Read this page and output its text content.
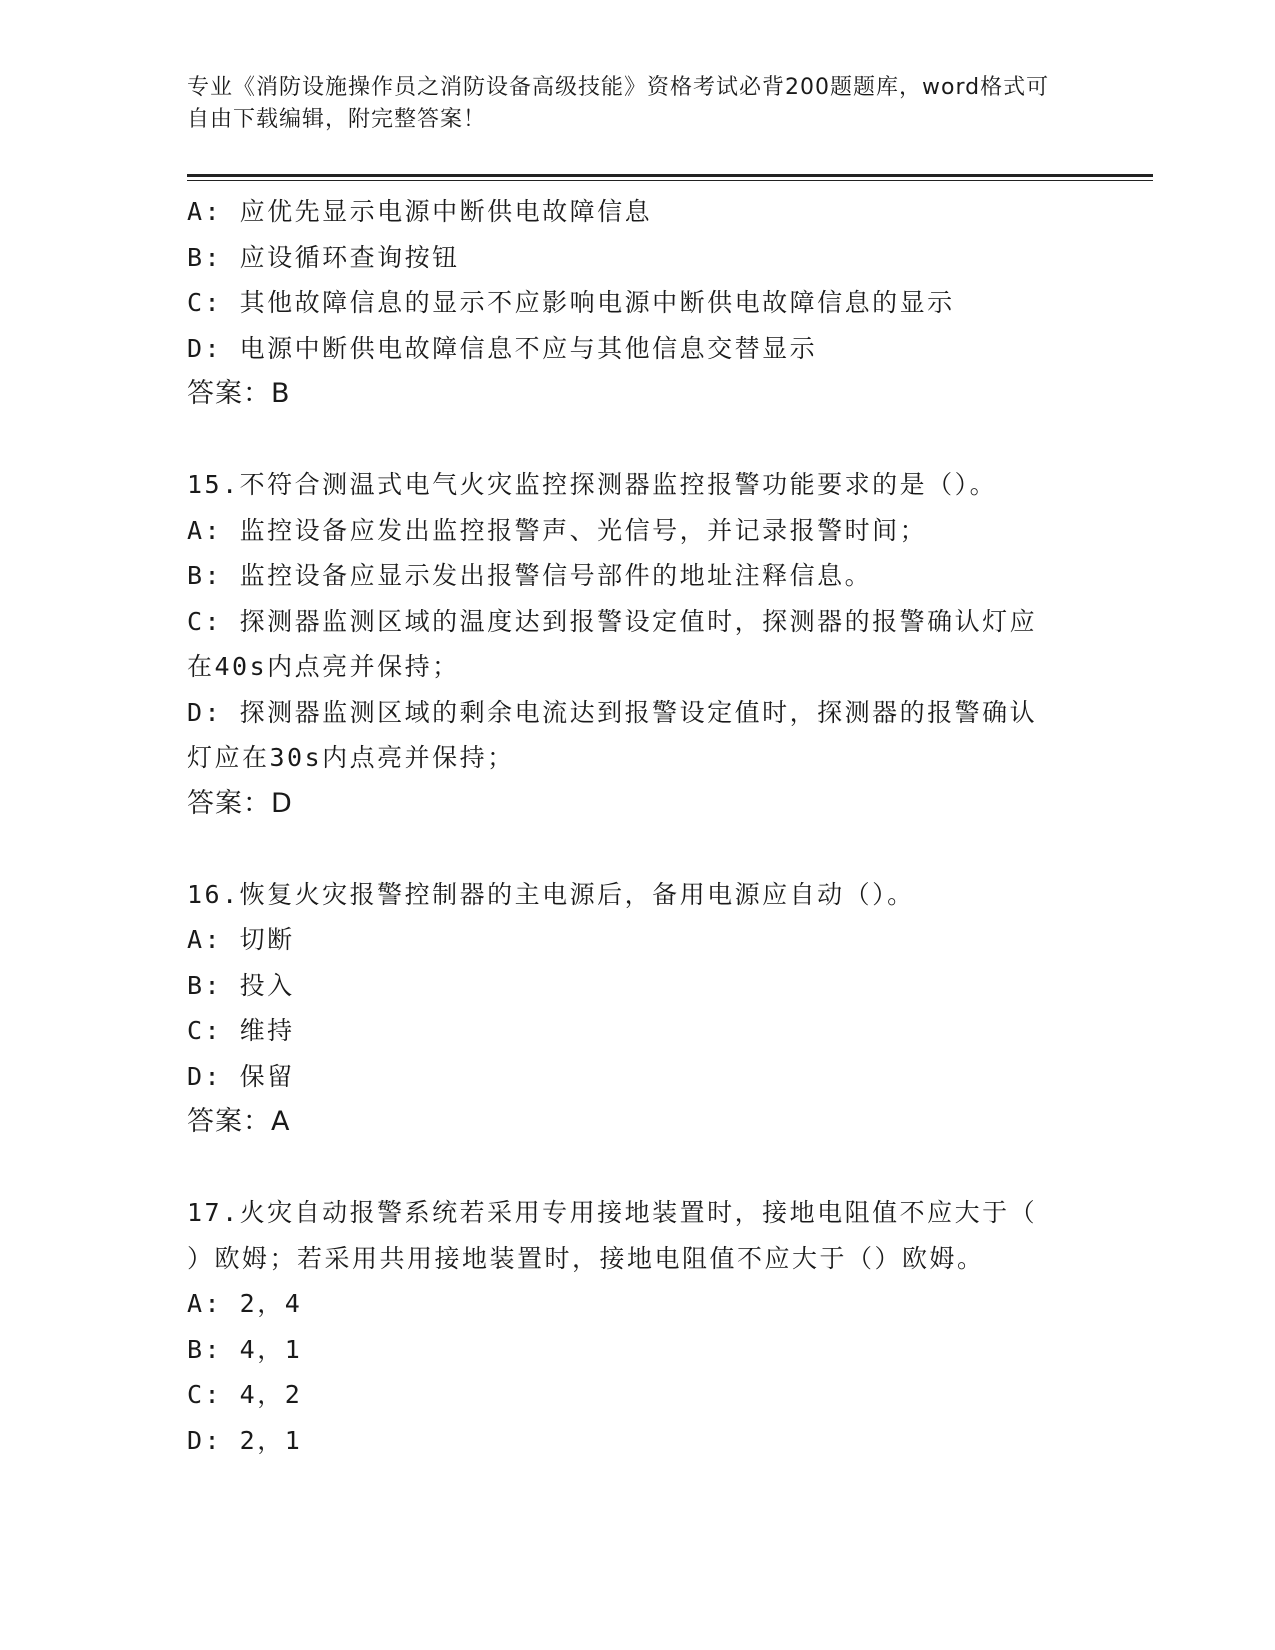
专业《消防设施操作员之消防设备高级技能》资格考试必背200题题库，word格式可自由下载编辑，附完整答案！
A: 应优先显示电源中断供电故障信息
B: 应设循环查询按钮
C: 其他故障信息的显示不应影响电源中断供电故障信息的显示
D: 电源中断供电故障信息不应与其他信息交替显示
答案：B
15.不符合测温式电气火灾监控探测器监控报警功能要求的是（）。
A: 监控设备应发出监控报警声、光信号，并记录报警时间；
B: 监控设备应显示发出报警信号部件的地址注释信息。
C: 探测器监测区域的温度达到报警设定值时，探测器的报警确认灯应
在40s内点亮并保持；
D: 探测器监测区域的剩余电流达到报警设定值时，探测器的报警确认
灯应在30s内点亮并保持；
答案：D
16.恢复火灾报警控制器的主电源后，备用电源应自动（）。
A: 切断
B: 投入
C: 维持
D: 保留
答案：A
17.火灾自动报警系统若采用专用接地装置时，接地电阻值不应大于（
）欧姆；若采用共用接地装置时，接地电阻值不应大于（）欧姆。
A: 2，4
B: 4，1
C: 4，2
D: 2，1
